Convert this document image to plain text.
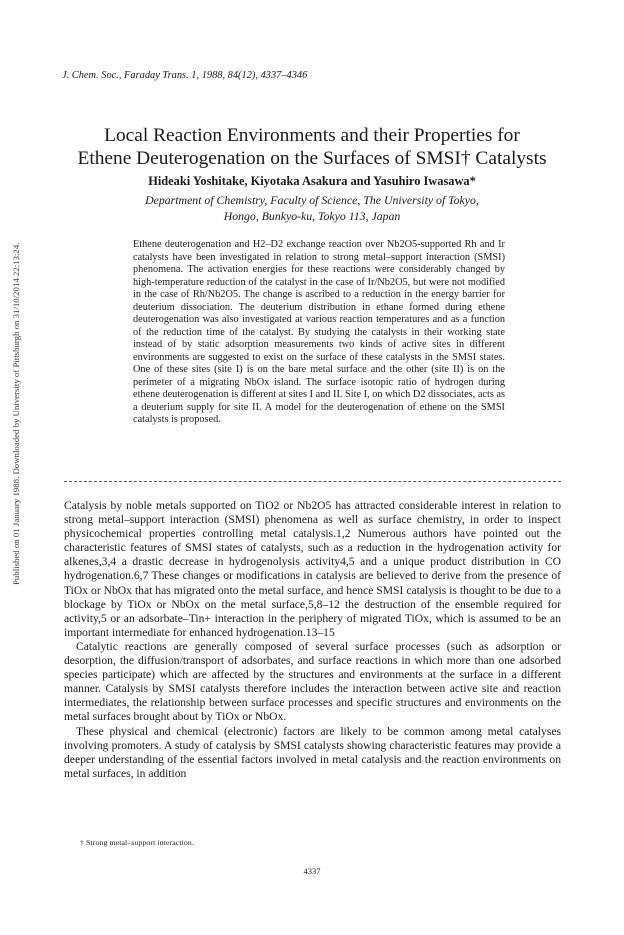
Published on 01 January 1988. Downloaded by University of Pittsburgh on 31/10/2014 22:13:24.
J. Chem. Soc., Faraday Trans. 1, 1988, 84(12), 4337–4346
Local Reaction Environments and their Properties for
Ethene Deuterogenation on the Surfaces of SMSI† Catalysts
Hideaki Yoshitake, Kiyotaka Asakura and Yasuhiro Iwasawa*
Department of Chemistry, Faculty of Science, The University of Tokyo,
Hongo, Bunkyo-ku, Tokyo 113, Japan
Ethene deuterogenation and H2–D2 exchange reaction over Nb2O5-supported Rh and Ir catalysts have been investigated in relation to strong metal–support interaction (SMSI) phenomena. The activation energies for these reactions were considerably changed by high-temperature reduction of the catalyst in the case of Ir/Nb2O5, but were not modified in the case of Rh/Nb2O5. The change is ascribed to a reduction in the energy barrier for deuterium dissociation. The deuterium distribution in ethane formed during ethene deuterogenation was also investigated at various reaction temperatures and as a function of the reduction time of the catalyst. By studying the catalysts in their working state instead of by static adsorption measurements two kinds of active sites in different environments are suggested to exist on the surface of these catalysts in the SMSI states. One of these sites (site I) is on the bare metal surface and the other (site II) is on the perimeter of a migrating NbOx island. The surface isotopic ratio of hydrogen during ethene deuterogenation is different at sites I and II. Site I, on which D2 dissociates, acts as a deuterium supply for site II. A model for the deuterogenation of ethene on the SMSI catalysts is proposed.

Catalysis by noble metals supported on TiO2 or Nb2O5 has attracted considerable interest in relation to strong metal–support interaction (SMSI) phenomena as well as surface chemistry, in order to inspect physicochemical properties controlling metal catalysis.1,2 Numerous authors have pointed out the characteristic features of SMSI states of catalysts, such as a reduction in the hydrogenation activity for alkenes,3,4 a drastic decrease in hydrogenolysis activity4,5 and a unique product distribution in CO hydrogenation.6,7 These changes or modifications in catalysis are believed to derive from the presence of TiOx or NbOx that has migrated onto the metal surface, and hence SMSI catalysis is thought to be due to a blockage by TiOx or NbOx on the metal surface,5,8–12 the destruction of the ensemble required for activity,5 or an adsorbate–Tin+ interaction in the periphery of migrated TiOx, which is assumed to be an important intermediate for enhanced hydrogenation.13–15

Catalytic reactions are generally composed of several surface processes (such as adsorption or desorption, the diffusion/transport of adsorbates, and surface reactions in which more than one adsorbed species participate) which are affected by the structures and environments at the surface in a different manner. Catalysis by SMSI catalysts therefore includes the interaction between active site and reaction intermediates, the relationship between surface processes and specific structures and environments on the metal surfaces brought about by TiOx or NbOx.

These physical and chemical (electronic) factors are likely to be common among metal catalyses involving promoters. A study of catalysis by SMSI catalysts showing characteristic features may provide a deeper understanding of the essential factors involved in metal catalysis and the reaction environments on metal surfaces, in addition

† Strong metal–support interaction.
4337
